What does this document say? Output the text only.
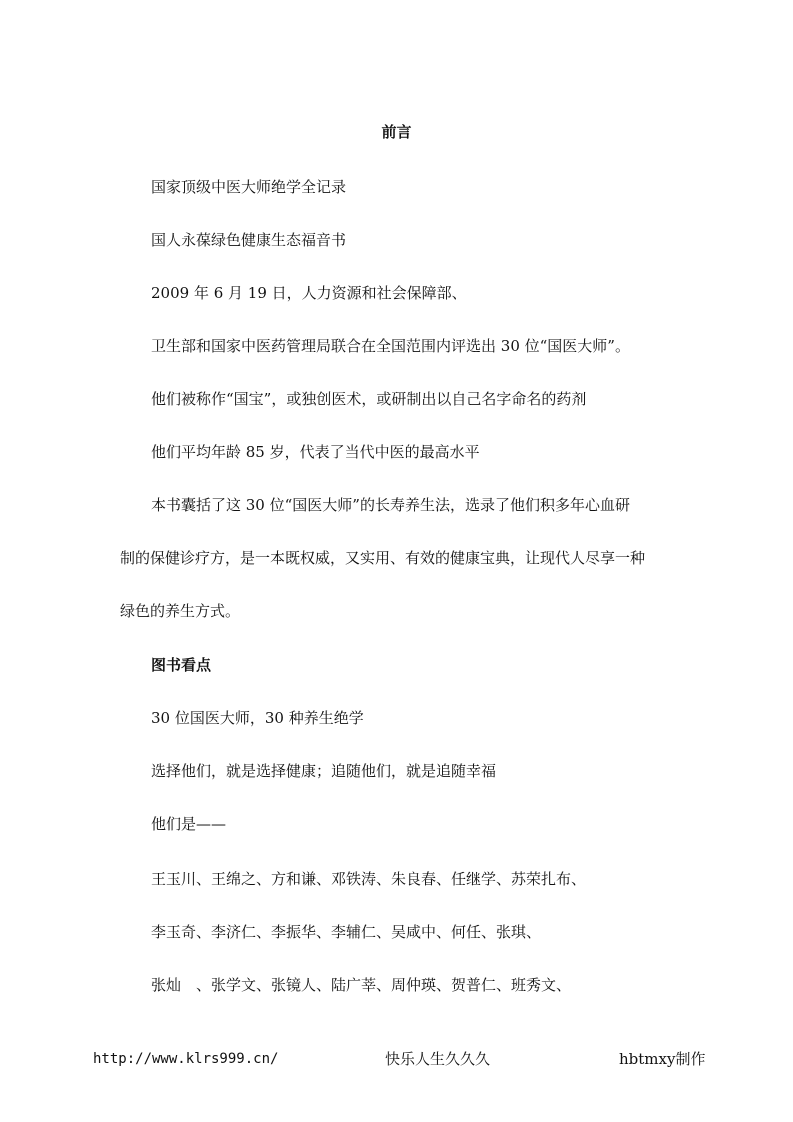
前言
国家顶级中医大师绝学全记录
国人永葆绿色健康生态福音书
2009 年 6 月 19 日，人力资源和社会保障部、
卫生部和国家中医药管理局联合在全国范围内评选出 30 位“国医大师”。
他们被称作“国宝”，或独创医术，或研制出以自己名字命名的药剂
他们平均年龄 85 岁，代表了当代中医的最高水平
本书囊括了这 30 位“国医大师”的长寿养生法，选录了他们积多年心血研
制的保健诊疗方，是一本既权威，又实用、有效的健康宝典，让现代人尽享一种
绿色的养生方式。
图书看点
30 位国医大师，30 种养生绝学
选择他们，就是选择健康；追随他们，就是追随幸福
他们是——
王玉川、王绵之、方和谦、邓铁涛、朱良春、任继学、苏荣扎布、
李玉奇、李济仁、李振华、李辅仁、吴咸中、何任、张琪、
张灿　、张学文、张镜人、陆广莘、周仲瑛、贺普仁、班秀文、
http://www.klrs999.cn/	快乐人生久久久	hbtmxy制作
